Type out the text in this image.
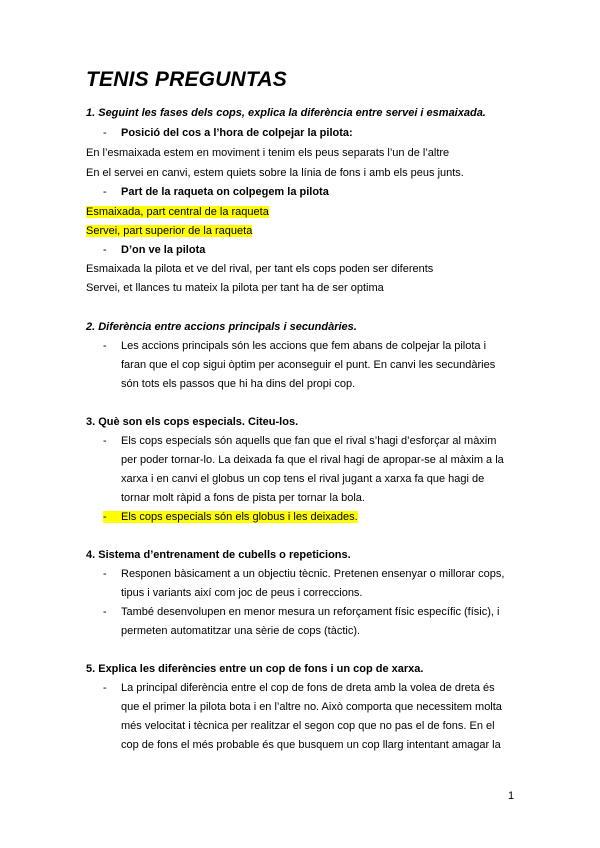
TENIS PREGUNTAS
1. Seguint les fases dels cops, explica la diferència entre servei i esmaixada.
- Posició del cos a l’hora de colpejar la pilota:
En l’esmaixada estem en moviment i tenim els peus separats l’un de l’altre
En el servei en canvi, estem quiets sobre la línia de fons i amb els peus junts.
- Part de la raqueta on colpegem la pilota
Esmaixada, part central de la raqueta
Servei, part superior de la raqueta
- D’on ve la pilota
Esmaixada la pilota et ve del rival, per tant els cops poden ser diferents
Servei, et llances tu mateix la pilota per tant ha de ser optima
2. Diferència entre accions principals i secundàries.
- Les accions principals són les accions que fem abans de colpejar la pilota i
faran que el cop sigui òptim per aconseguir el punt. En canvi les secundàries
són tots els passos que hi ha dins del propi cop.
3. Què son els cops especials. Citeu-los.
- Els cops especials són aquells que fan que el rival s’hagi d’esforçar al màxim
per poder tornar-lo. La deixada fa que el rival hagi de apropar-se al màxim a la
xarxa i en canvi el globus un cop tens el rival jugant a xarxa fa que hagi de
tornar molt ràpid a fons de pista per tornar la bola.
- Els cops especials són els globus i les deixades.
4. Sistema d’entrenament de cubells o repeticions.
- Responen bàsicament a un objectiu tècnic. Pretenen ensenyar o millorar cops,
tipus i variants així com joc de peus i correccions.
- També desenvolupen en menor mesura un reforçament físic específic (físic), i
permeten automatitzar una sèrie de cops (tàctic).
5. Explica les diferències entre un cop de fons i un cop de xarxa.
- La principal diferència entre el cop de fons de dreta amb la volea de dreta és
que el primer la pilota bota i en l’altre no. Això comporta que necessitem molta
més velocitat i tècnica per realitzar el segon cop que no pas el de fons. En el
cop de fons el més probable és que busquem un cop llarg intentant amagar la
1
